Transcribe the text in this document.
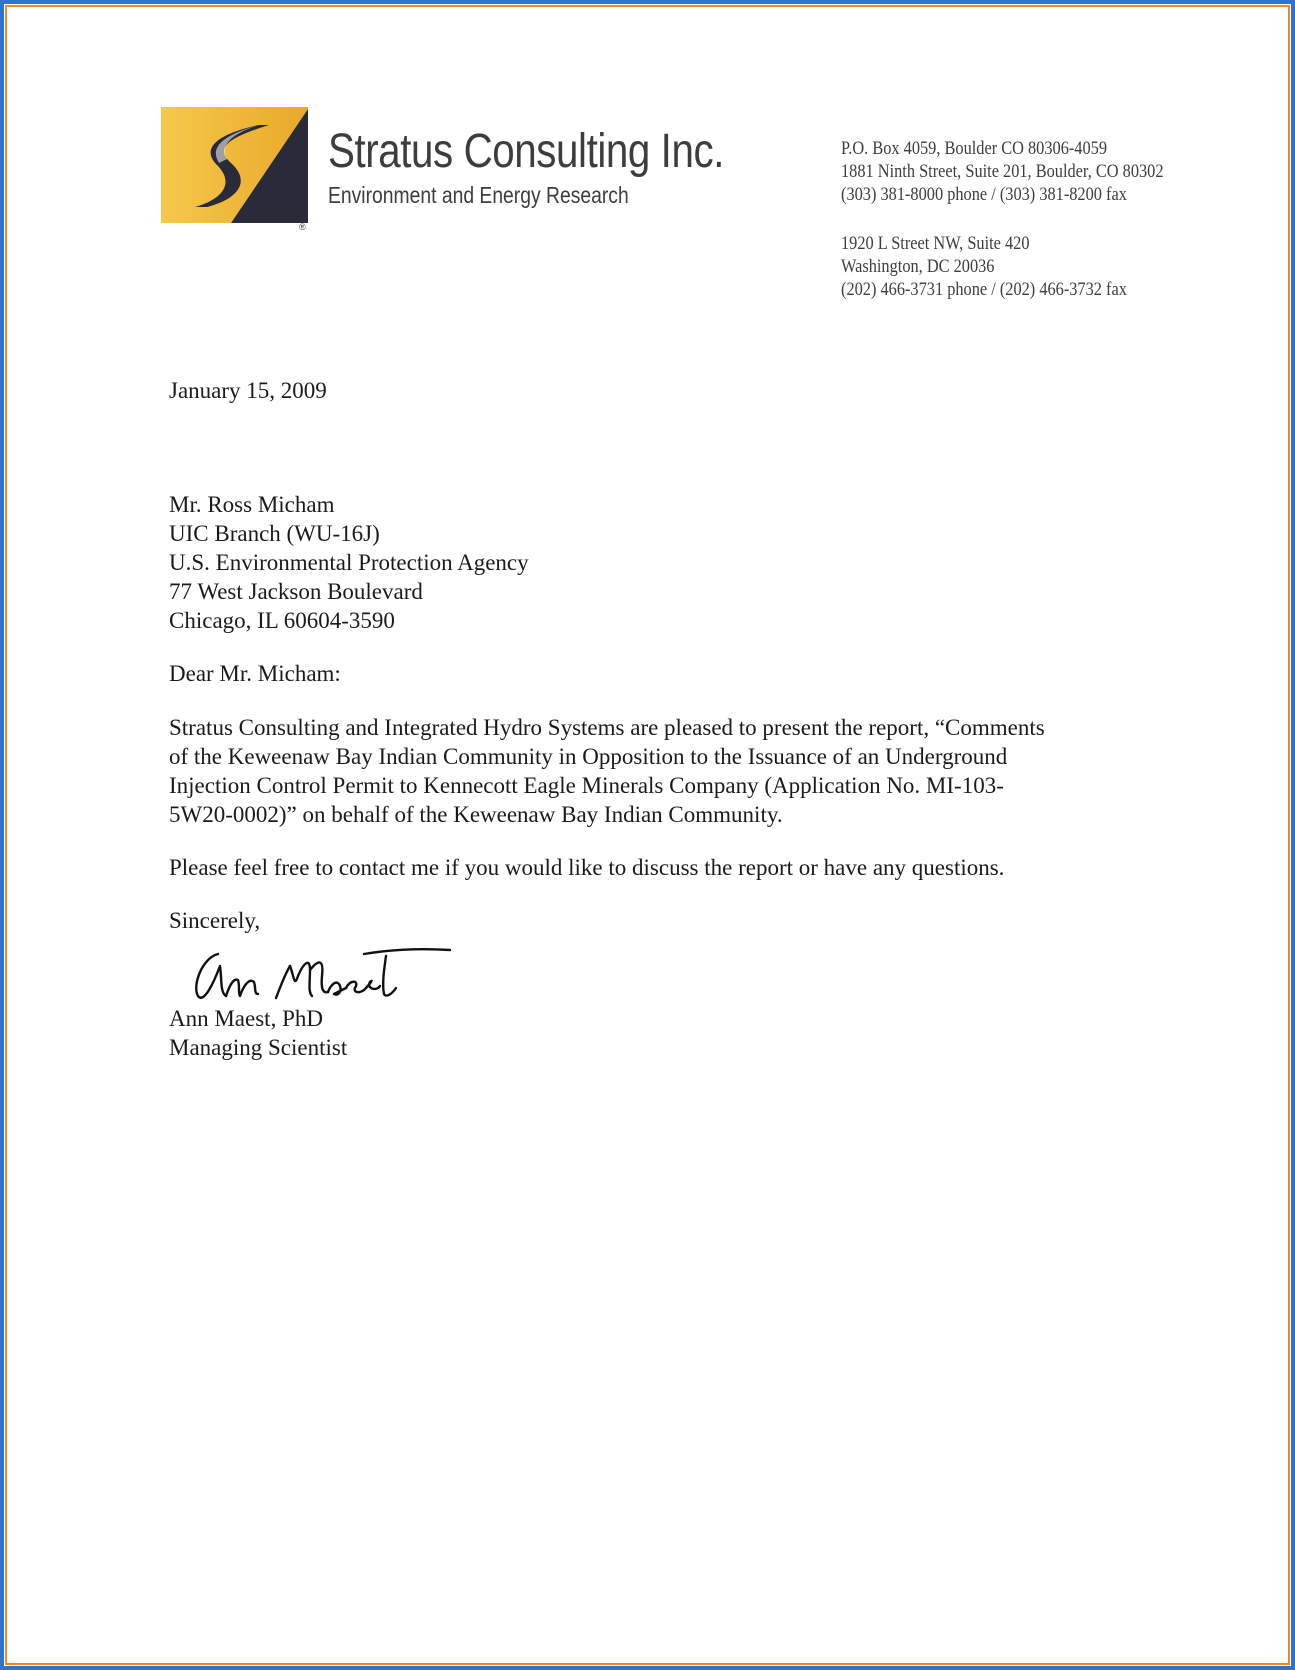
®
Stratus Consulting Inc.
Environment and Energy Research
P.O. Box 4059, Boulder CO 80306-4059
1881 Ninth Street, Suite 201, Boulder, CO 80302
(303) 381-8000 phone / (303) 381-8200 fax
1920 L Street NW, Suite 420
Washington, DC 20036
(202) 466-3731 phone / (202) 466-3732 fax
January 15, 2009
Mr. Ross Micham
UIC Branch (WU-16J)
U.S. Environmental Protection Agency
77 West Jackson Boulevard
Chicago, IL 60604-3590
Dear Mr. Micham:
Stratus Consulting and Integrated Hydro Systems are pleased to present the report, “Comments
of the Keweenaw Bay Indian Community in Opposition to the Issuance of an Underground
Injection Control Permit to Kennecott Eagle Minerals Company (Application No. MI-103-
5W20-0002)” on behalf of the Keweenaw Bay Indian Community.
Please feel free to contact me if you would like to discuss the report or have any questions.
Sincerely,
Ann Maest, PhD
Managing Scientist
